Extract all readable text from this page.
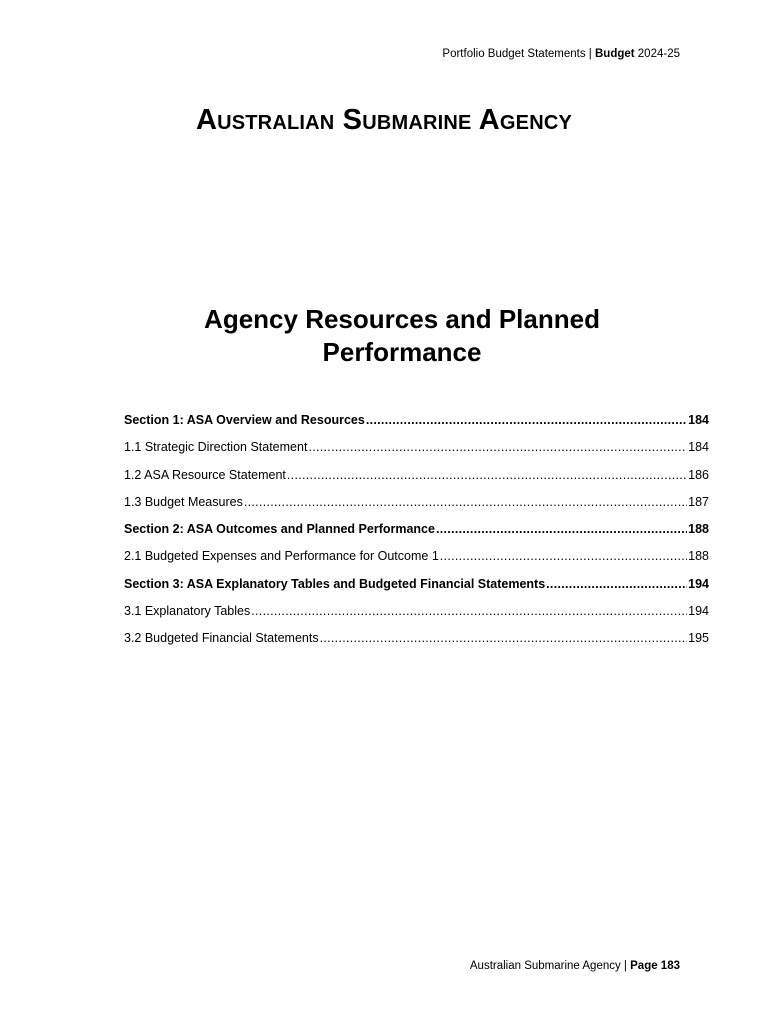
Portfolio Budget Statements | Budget 2024-25
Australian Submarine Agency
Agency Resources and Planned Performance
Section 1: ASA Overview and Resources .....	184
1.1 Strategic Direction Statement .....	184
1.2 ASA Resource Statement .....	186
1.3 Budget Measures .....	187
Section 2: ASA Outcomes and Planned Performance .....	188
2.1 Budgeted Expenses and Performance for Outcome 1 .....	188
Section 3: ASA Explanatory Tables and Budgeted Financial Statements .....	194
3.1 Explanatory Tables .....	194
3.2 Budgeted Financial Statements .....	195
Australian Submarine Agency | Page 183
